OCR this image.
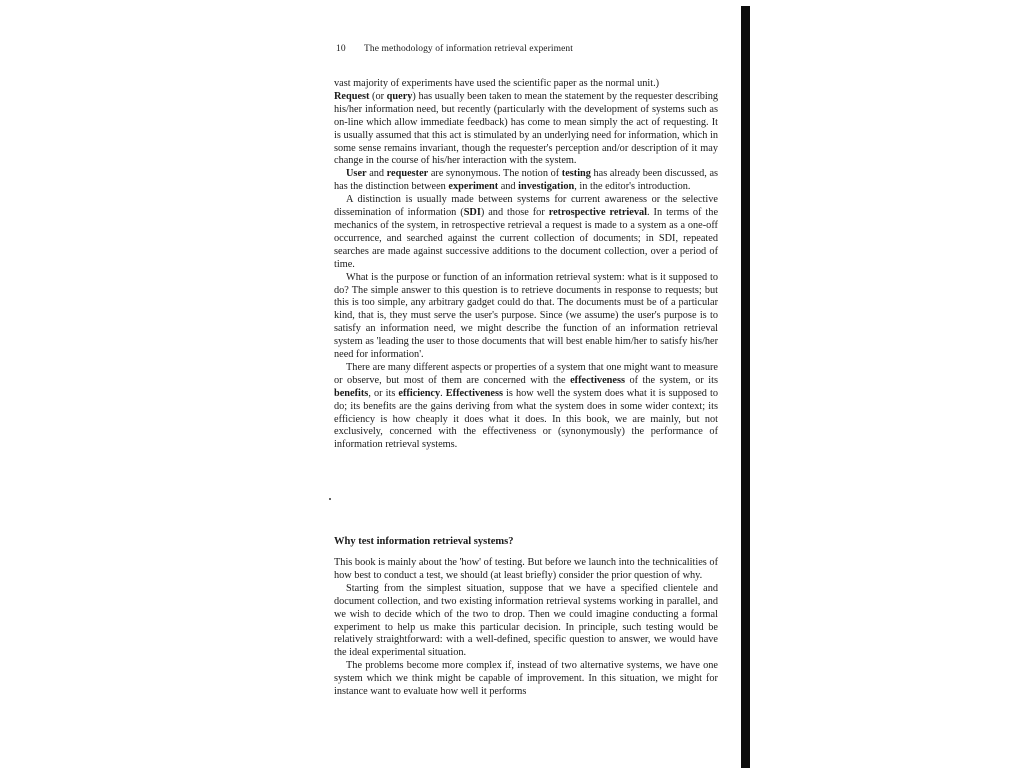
10 The methodology of information retrieval experiment

vast majority of experiments have used the scientific paper as the normal unit.)

Request (or query) has usually been taken to mean the statement by the requester describing his/her information need, but recently (particularly with the development of systems such as on-line which allow immediate feedback) has come to mean simply the act of requesting. It is usually assumed that this act is stimulated by an underlying need for information, which in some sense remains invariant, though the requester's perception and/or description of it may change in the course of his/her interaction with the system.

User and requester are synonymous. The notion of testing has already been discussed, as has the distinction between experiment and investigation, in the editor's introduction.

A distinction is usually made between systems for current awareness or the selective dissemination of information (SDI) and those for retrospective retrieval. In terms of the mechanics of the system, in retrospective retrieval a request is made to a system as a one-off occurrence, and searched against the current collection of documents; in SDI, repeated searches are made against successive additions to the document collection, over a period of time.

What is the purpose or function of an information retrieval system: what is it supposed to do? The simple answer to this question is to retrieve documents in response to requests; but this is too simple, any arbitrary gadget could do that. The documents must be of a particular kind, that is, they must serve the user's purpose. Since (we assume) the user's purpose is to satisfy an information need, we might describe the function of an information retrieval system as 'leading the user to those documents that will best enable him/her to satisfy his/her need for information'.

There are many different aspects or properties of a system that one might want to measure or observe, but most of them are concerned with the effectiveness of the system, or its benefits, or its efficiency. Effectiveness is how well the system does what it is supposed to do; its benefits are the gains deriving from what the system does in some wider context; its efficiency is how cheaply it does what it does. In this book, we are mainly, but not exclusively, concerned with the effectiveness or (synonymously) the performance of information retrieval systems.

Why test information retrieval systems?

This book is mainly about the 'how' of testing. But before we launch into the technicalities of how best to conduct a test, we should (at least briefly) consider the prior question of why.

Starting from the simplest situation, suppose that we have a specified clientele and document collection, and two existing information retrieval systems working in parallel, and we wish to decide which of the two to drop. Then we could imagine conducting a formal experiment to help us make this particular decision. In principle, such testing would be relatively straightforward: with a well-defined, specific question to answer, we would have the ideal experimental situation.

The problems become more complex if, instead of two alternative systems, we have one system which we think might be capable of improvement. In this situation, we might for instance want to evaluate how well it performs
